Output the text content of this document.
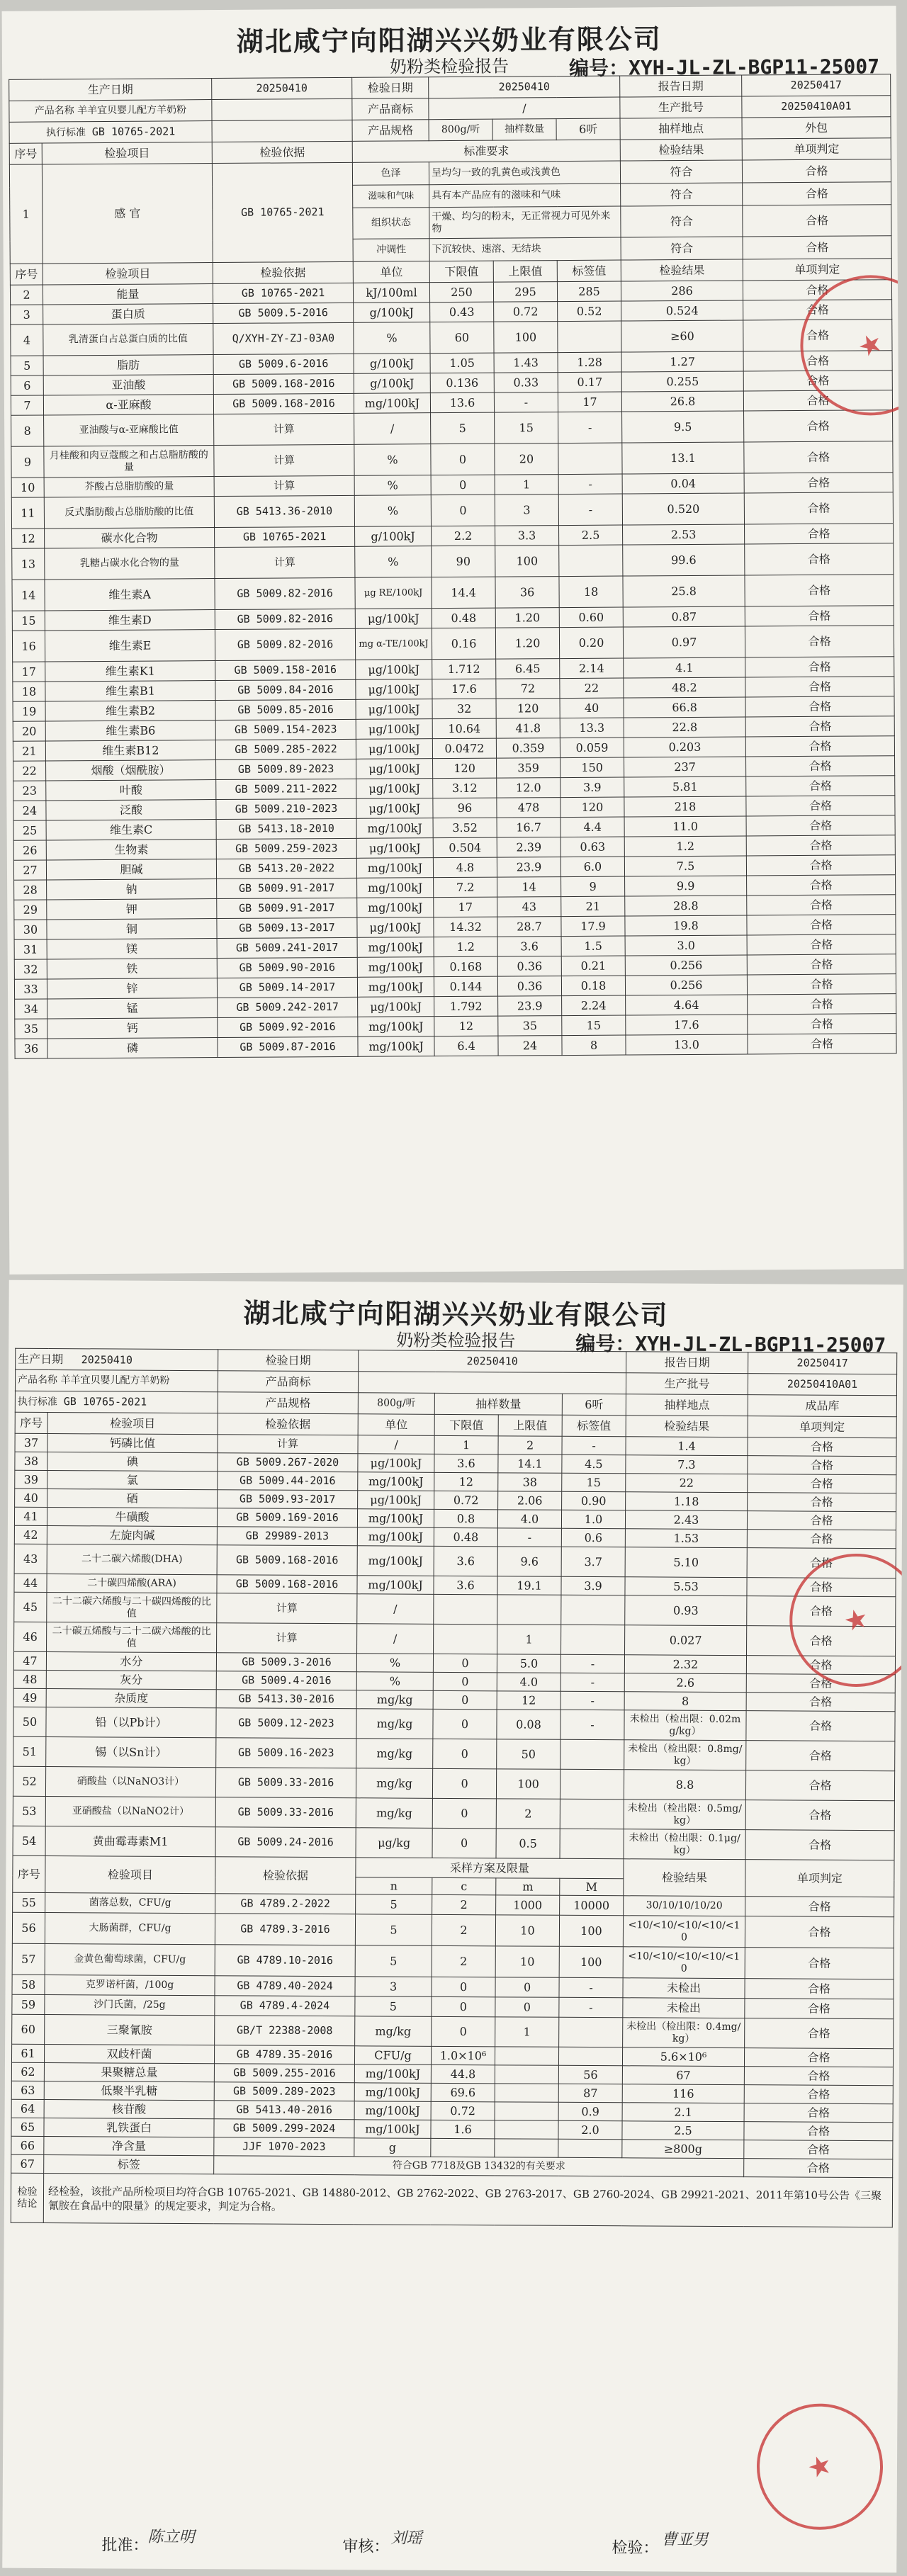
湖北咸宁向阳湖兴兴奶业有限公司
奶粉类检验报告	编号：XYH-JL-ZL-BGP11-25007
生产日期		20250410	检验日期	20250410			报告日期	20250417
产品名称 羊羊宜贝婴儿配方羊奶粉			产品商标	/			生产批号	20250410A01
执行标准 GB 10765-2021			产品规格	800g/听	抽样数量	6听	抽样地点	外包
序号	检验项目	检验依据	标准要求				检验结果	单项判定
1	感 官	GB 10765-2021	色泽	呈均匀一致的乳黄色或浅黄色			符合	合格
			滋味和气味	具有本产品应有的滋味和气味			符合	合格
			组织状态	干燥、均匀的粉末，无正常视力可见外来物			符合	合格
			冲调性	下沉较快、速溶、无结块			符合	合格
序号	检验项目	检验依据	单位	下限值	上限值	标签值	检验结果	单项判定
2	能量	GB 10765-2021	kJ/100ml	250	295	285	286	合格
3	蛋白质	GB 5009.5-2016	g/100kJ	0.43	0.72	0.52	0.524	合格
4	乳清蛋白占总蛋白质的比值	Q/XYH-ZY-ZJ-03A0	%	60	100		≥60	合格
5	脂肪	GB 5009.6-2016	g/100kJ	1.05	1.43	1.28	1.27	合格
6	亚油酸	GB 5009.168-2016	g/100kJ	0.136	0.33	0.17	0.255	合格
7	α-亚麻酸	GB 5009.168-2016	mg/100kJ	13.6	-	17	26.8	合格
8	亚油酸与α-亚麻酸比值	计算	/	5	15	-	9.5	合格
9	月桂酸和肉豆蔻酸之和占总脂肪酸的量	计算	%	0	20		13.1	合格
10	芥酸占总脂肪酸的量	计算	%	0	1	-	0.04	合格
11	反式脂肪酸占总脂肪酸的比值	GB 5413.36-2010	%	0	3	-	0.520	合格
12	碳水化合物	GB 10765-2021	g/100kJ	2.2	3.3	2.5	2.53	合格
13	乳糖占碳水化合物的量	计算	%	90	100		99.6	合格
14	维生素A	GB 5009.82-2016	μg RE/100kJ	14.4	36	18	25.8	合格
15	维生素D	GB 5009.82-2016	μg/100kJ	0.48	1.20	0.60	0.87	合格
16	维生素E	GB 5009.82-2016	mg α-TE/100kJ	0.16	1.20	0.20	0.97	合格
17	维生素K1	GB 5009.158-2016	μg/100kJ	1.712	6.45	2.14	4.1	合格
18	维生素B1	GB 5009.84-2016	μg/100kJ	17.6	72	22	48.2	合格
19	维生素B2	GB 5009.85-2016	μg/100kJ	32	120	40	66.8	合格
20	维生素B6	GB 5009.154-2023	μg/100kJ	10.64	41.8	13.3	22.8	合格
21	维生素B12	GB 5009.285-2022	μg/100kJ	0.0472	0.359	0.059	0.203	合格
22	烟酸（烟酰胺）	GB 5009.89-2023	μg/100kJ	120	359	150	237	合格
23	叶酸	GB 5009.211-2022	μg/100kJ	3.12	12.0	3.9	5.81	合格
24	泛酸	GB 5009.210-2023	μg/100kJ	96	478	120	218	合格
25	维生素C	GB 5413.18-2010	mg/100kJ	3.52	16.7	4.4	11.0	合格
26	生物素	GB 5009.259-2023	μg/100kJ	0.504	2.39	0.63	1.2	合格
27	胆碱	GB 5413.20-2022	mg/100kJ	4.8	23.9	6.0	7.5	合格
28	钠	GB 5009.91-2017	mg/100kJ	7.2	14	9	9.9	合格
29	钾	GB 5009.91-2017	mg/100kJ	17	43	21	28.8	合格
30	铜	GB 5009.13-2017	μg/100kJ	14.32	28.7	17.9	19.8	合格
31	镁	GB 5009.241-2017	mg/100kJ	1.2	3.6	1.5	3.0	合格
32	铁	GB 5009.90-2016	mg/100kJ	0.168	0.36	0.21	0.256	合格
33	锌	GB 5009.14-2017	mg/100kJ	0.144	0.36	0.18	0.256	合格
34	锰	GB 5009.242-2017	μg/100kJ	1.792	23.9	2.24	4.64	合格
35	钙	GB 5009.92-2016	mg/100kJ	12	35	15	17.6	合格
36	磷	GB 5009.87-2016	mg/100kJ	6.4	24	8	13.0	合格
★
湖北咸宁向阳湖兴兴奶业有限公司
奶粉类检验报告	编号：XYH-JL-ZL-BGP11-25007
生产日期 20250410		检验日期	20250410				报告日期	20250417
产品名称 羊羊宜贝婴儿配方羊奶粉		产品商标					生产批号	20250410A01
执行标准 GB 10765-2021		产品规格	800g/听	抽样数量		6听	抽样地点	成品库
序号	检验项目	检验依据	单位	下限值	上限值	标签值	检验结果	单项判定
37	钙磷比值	计算	/	1	2	-	1.4	合格
38	碘	GB 5009.267-2020	μg/100kJ	3.6	14.1	4.5	7.3	合格
39	氯	GB 5009.44-2016	mg/100kJ	12	38	15	22	合格
40	硒	GB 5009.93-2017	μg/100kJ	0.72	2.06	0.90	1.18	合格
41	牛磺酸	GB 5009.169-2016	mg/100kJ	0.8	4.0	1.0	2.43	合格
42	左旋肉碱	GB 29989-2013	mg/100kJ	0.48	-	0.6	1.53	合格
43	二十二碳六烯酸(DHA)	GB 5009.168-2016	mg/100kJ	3.6	9.6	3.7	5.10	合格
44	二十碳四烯酸(ARA)	GB 5009.168-2016	mg/100kJ	3.6	19.1	3.9	5.53	合格
45	二十二碳六烯酸与二十碳四烯酸的比值	计算	/				0.93	合格
46	二十碳五烯酸与二十二碳六烯酸的比值	计算	/		1		0.027	合格
47	水分	GB 5009.3-2016	%	0	5.0	-	2.32	合格
48	灰分	GB 5009.4-2016	%	0	4.0	-	2.6	合格
49	杂质度	GB 5413.30-2016	mg/kg	0	12	-	8	合格
50	铅（以Pb计）	GB 5009.12-2023	mg/kg	0	0.08	-	未检出（检出限：0.02mg/kg）	合格
51	锡（以Sn计）	GB 5009.16-2023	mg/kg	0	50		未检出（检出限：0.8mg/kg）	合格
52	硝酸盐（以NaNO3计）	GB 5009.33-2016	mg/kg	0	100		8.8	合格
53	亚硝酸盐（以NaNO2计）	GB 5009.33-2016	mg/kg	0	2		未检出（检出限：0.5mg/kg）	合格
54	黄曲霉毒素M1	GB 5009.24-2016	μg/kg	0	0.5		未检出（检出限：0.1μg/kg）	合格
序号	检验项目	检验依据	采样方案及限量				检验结果	单项判定
			n	c	m	M		
55	菌落总数，CFU/g	GB 4789.2-2022	5	2	1000	10000	30/10/10/10/20	合格
56	大肠菌群，CFU/g	GB 4789.3-2016	5	2	10	100	<10/<10/<10/<10/<10	合格
57	金黄色葡萄球菌，CFU/g	GB 4789.10-2016	5	2	10	100	<10/<10/<10/<10/<10	合格
58	克罗诺杆菌，/100g	GB 4789.40-2024	3	0	0	-	未检出	合格
59	沙门氏菌，/25g	GB 4789.4-2024	5	0	0	-	未检出	合格
60	三聚氰胺	GB/T 22388-2008	mg/kg	0	1		未检出（检出限：0.4mg/kg）	合格
61	双歧杆菌	GB 4789.35-2016	CFU/g	1.0×10⁶			5.6×10⁶	合格
62	果聚糖总量	GB 5009.255-2016	mg/100kJ	44.8		56	67	合格
63	低聚半乳糖	GB 5009.289-2023	mg/100kJ	69.6		87	116	合格
64	核苷酸	GB 5413.40-2016	mg/100kJ	0.72		0.9	2.1	合格
65	乳铁蛋白	GB 5009.299-2024	mg/100kJ	1.6		2.0	2.5	合格
66	净含量	JJF 1070-2023	g				≥800g	合格
67	标签	符合GB 7718及GB 13432的有关要求						合格
检验结论	经检验，该批产品所检项目均符合GB 10765-2021、GB 14880-2012、GB 2762-2022、GB 2763-2017、GB 2760-2024、GB 29921-2021、2011年第10号公告《三聚氰胺在食品中的限量》的规定要求，判定为合格。							
批准：
陈立明
审核： 刘瑶
检验： 曹亚男
★
★
